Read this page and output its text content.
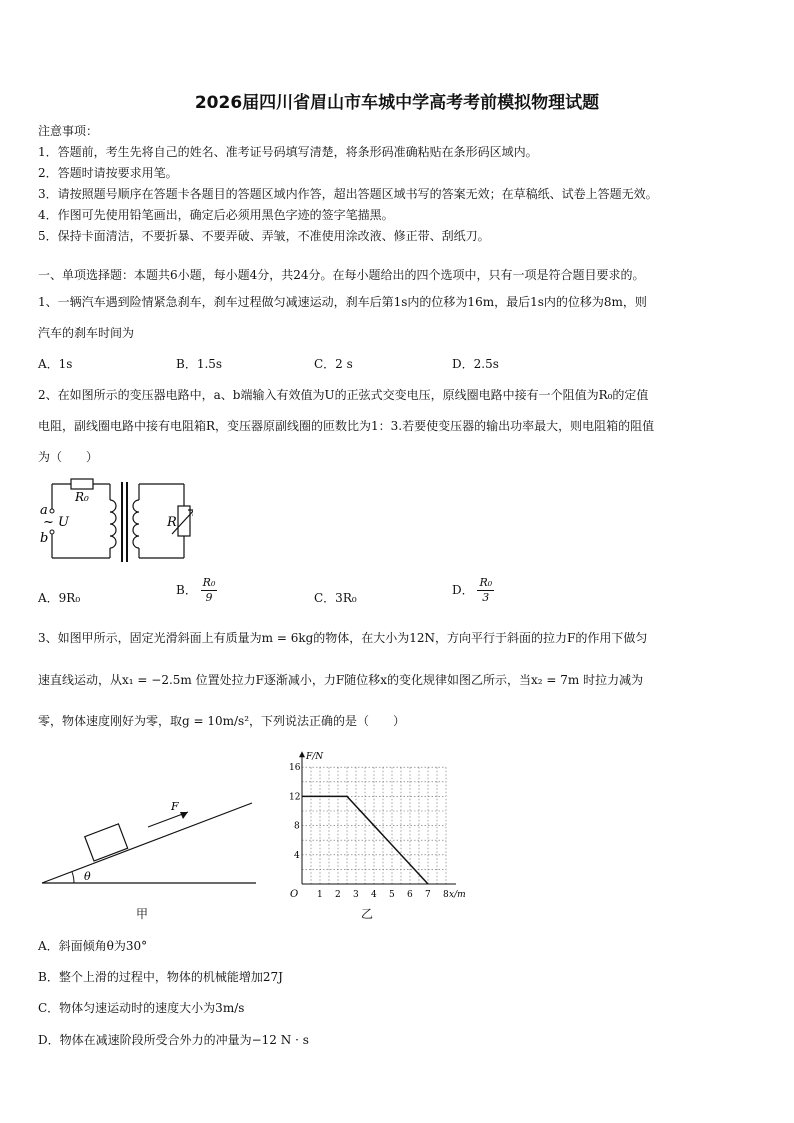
2026届四川省眉山市车城中学高考考前模拟物理试题
注意事项：
1．答题前，考生先将自己的姓名、准考证号码填写清楚，将条形码准确粘贴在条形码区域内。
2．答题时请按要求用笔。
3．请按照题号顺序在答题卡各题目的答题区域内作答，超出答题区域书写的答案无效；在草稿纸、试卷上答题无效。
4．作图可先使用铅笔画出，确定后必须用黑色字迹的签字笔描黑。
5．保持卡面清洁，不要折暴、不要弄破、弄皱，不准使用涂改液、修正带、刮纸刀。
一、单项选择题：本题共6小题，每小题4分，共24分。在每小题给出的四个选项中，只有一项是符合题目要求的。
1、一辆汽车遇到险情紧急刹车，刹车过程做匀减速运动，刹车后第1s内的位移为16m，最后1s内的位移为8m，则
汽车的刹车时间为
A．1s	B．1.5s	C．2 s	D．2.5s
2、在如图所示的变压器电路中，a、b端输入有效值为U的正弦式交变电压，原线圈电路中接有一个阻值为R₀的定值
电阻，副线圈电路中接有电阻箱R，变压器原副线圈的匝数比为1：3.若要使变压器的输出功率最大，则电阻箱的阻值
为（　　）
a
b
~ U
R₀
R
A．9R₀
B． $\frac{\text{R₀}}{9}$	C．3R₀
D． $\frac{\text{R₀}}{3}$
3、如图甲所示，固定光滑斜面上有质量为m = 6kg的物体，在大小为12N，方向平行于斜面的拉力F的作用下做匀
速直线运动，从x₁ = −2.5m 位置处拉力F逐渐减小，力F随位移x的变化规律如图乙所示，当x₂ = 7m 时拉力减为
零，物体速度刚好为零，取g = 10m/s²，下列说法正确的是（　　）
F
θ
甲
1 2 3 4 5 6 7 8
4
8
12
16
O
F/N
x/m
乙
A．斜面倾角θ为30°
B．整个上滑的过程中，物体的机械能增加27J
C．物体匀速运动时的速度大小为3m/s
D．物体在减速阶段所受合外力的冲量为−12 N · s
